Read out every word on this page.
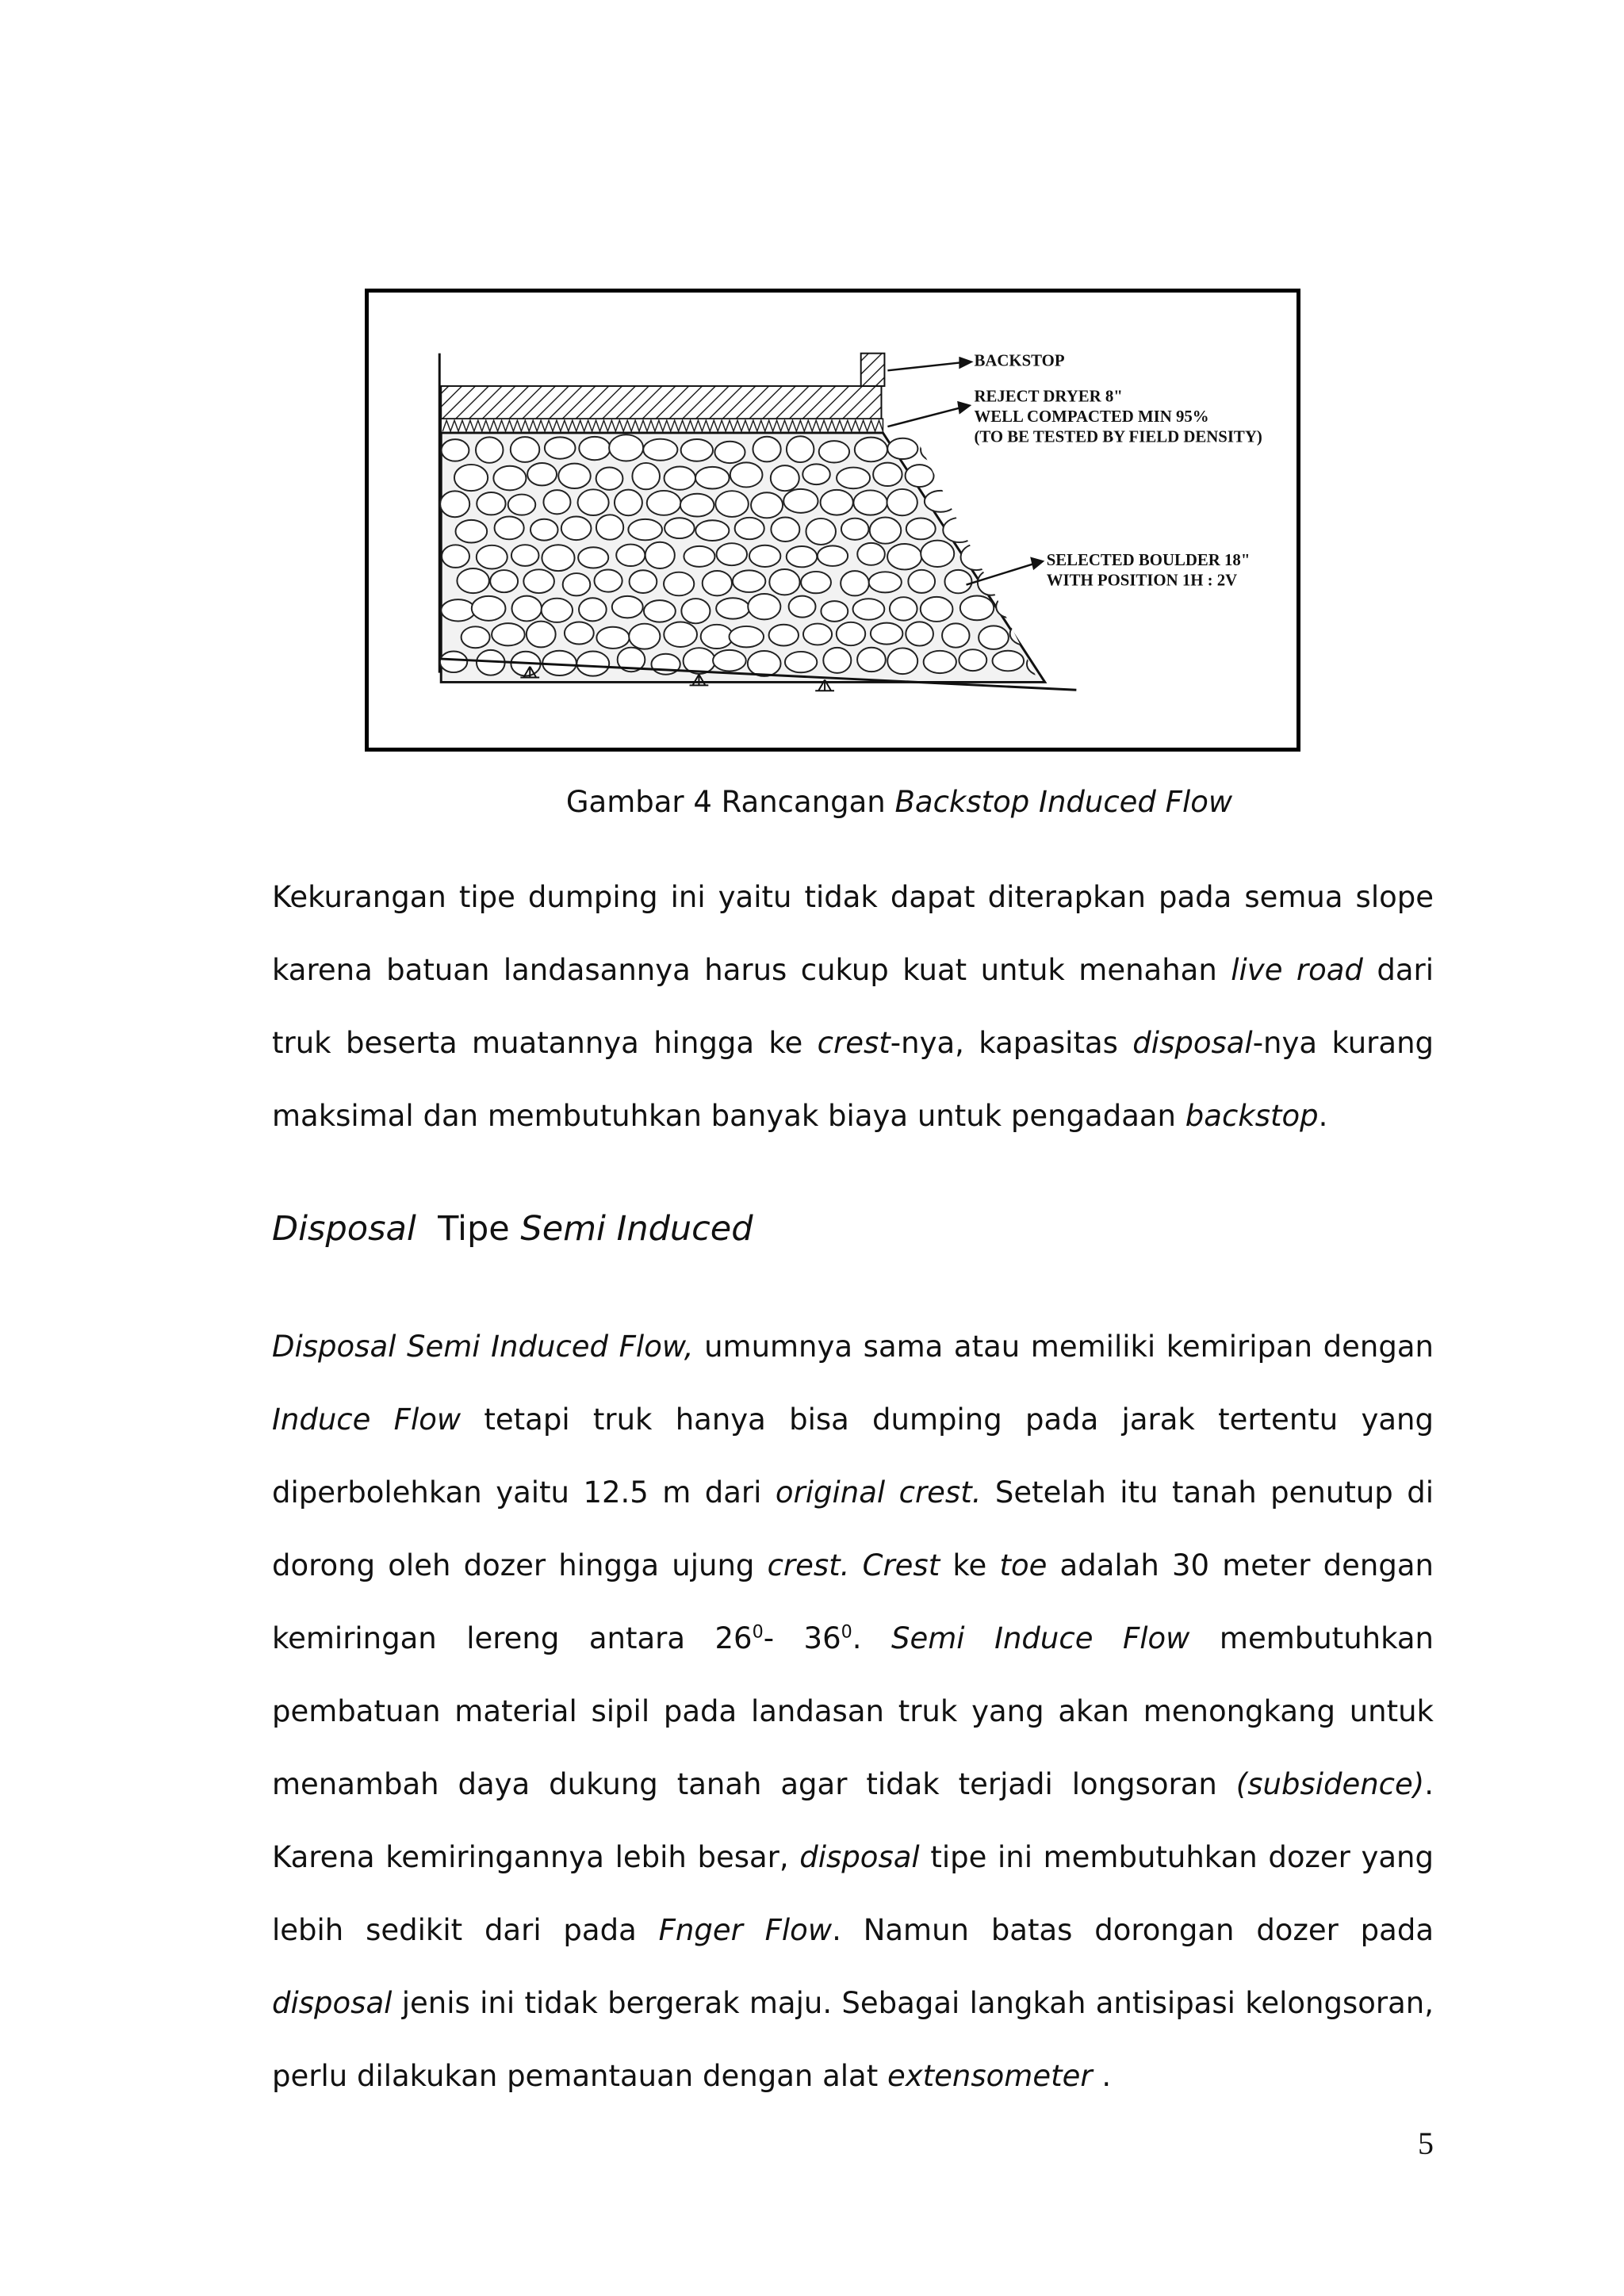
BACKSTOP
REJECT DRYER 8"
WELL COMPACTED MIN 95%
(TO BE TESTED BY FIELD DENSITY)
SELECTED BOULDER 18"
WITH POSITION 1H : 2V
Gambar 4 Rancangan Backstop Induced Flow

Kekurangan tipe dumping ini yaitu tidak dapat diterapkan pada semua slope karena batuan landasannya harus cukup kuat untuk menahan live road dari truk beserta muatannya hingga ke crest-nya, kapasitas disposal-nya kurang maksimal dan membutuhkan banyak biaya untuk pengadaan backstop.

Disposal  Tipe Semi Induced

Disposal Semi Induced Flow, umumnya sama atau memiliki kemiripan dengan Induce Flow tetapi truk hanya bisa dumping pada jarak tertentu yang diperbolehkan yaitu 12.5 m dari original crest. Setelah itu tanah penutup di dorong oleh dozer hingga ujung crest. Crest ke toe adalah 30 meter dengan kemiringan lereng antara $26^0-$ $36^0$. Semi Induce Flow membutuhkan pembatuan material sipil pada landasan truk yang akan menongkang untuk menambah daya dukung tanah agar tidak terjadi longsoran (subsidence). Karena kemiringannya lebih besar, disposal tipe ini membutuhkan dozer yang lebih sedikit dari pada Fnger Flow. Namun batas dorongan dozer pada disposal jenis ini tidak bergerak maju. Sebagai langkah antisipasi kelongsoran, perlu dilakukan pemantauan dengan alat extensometer .

5
